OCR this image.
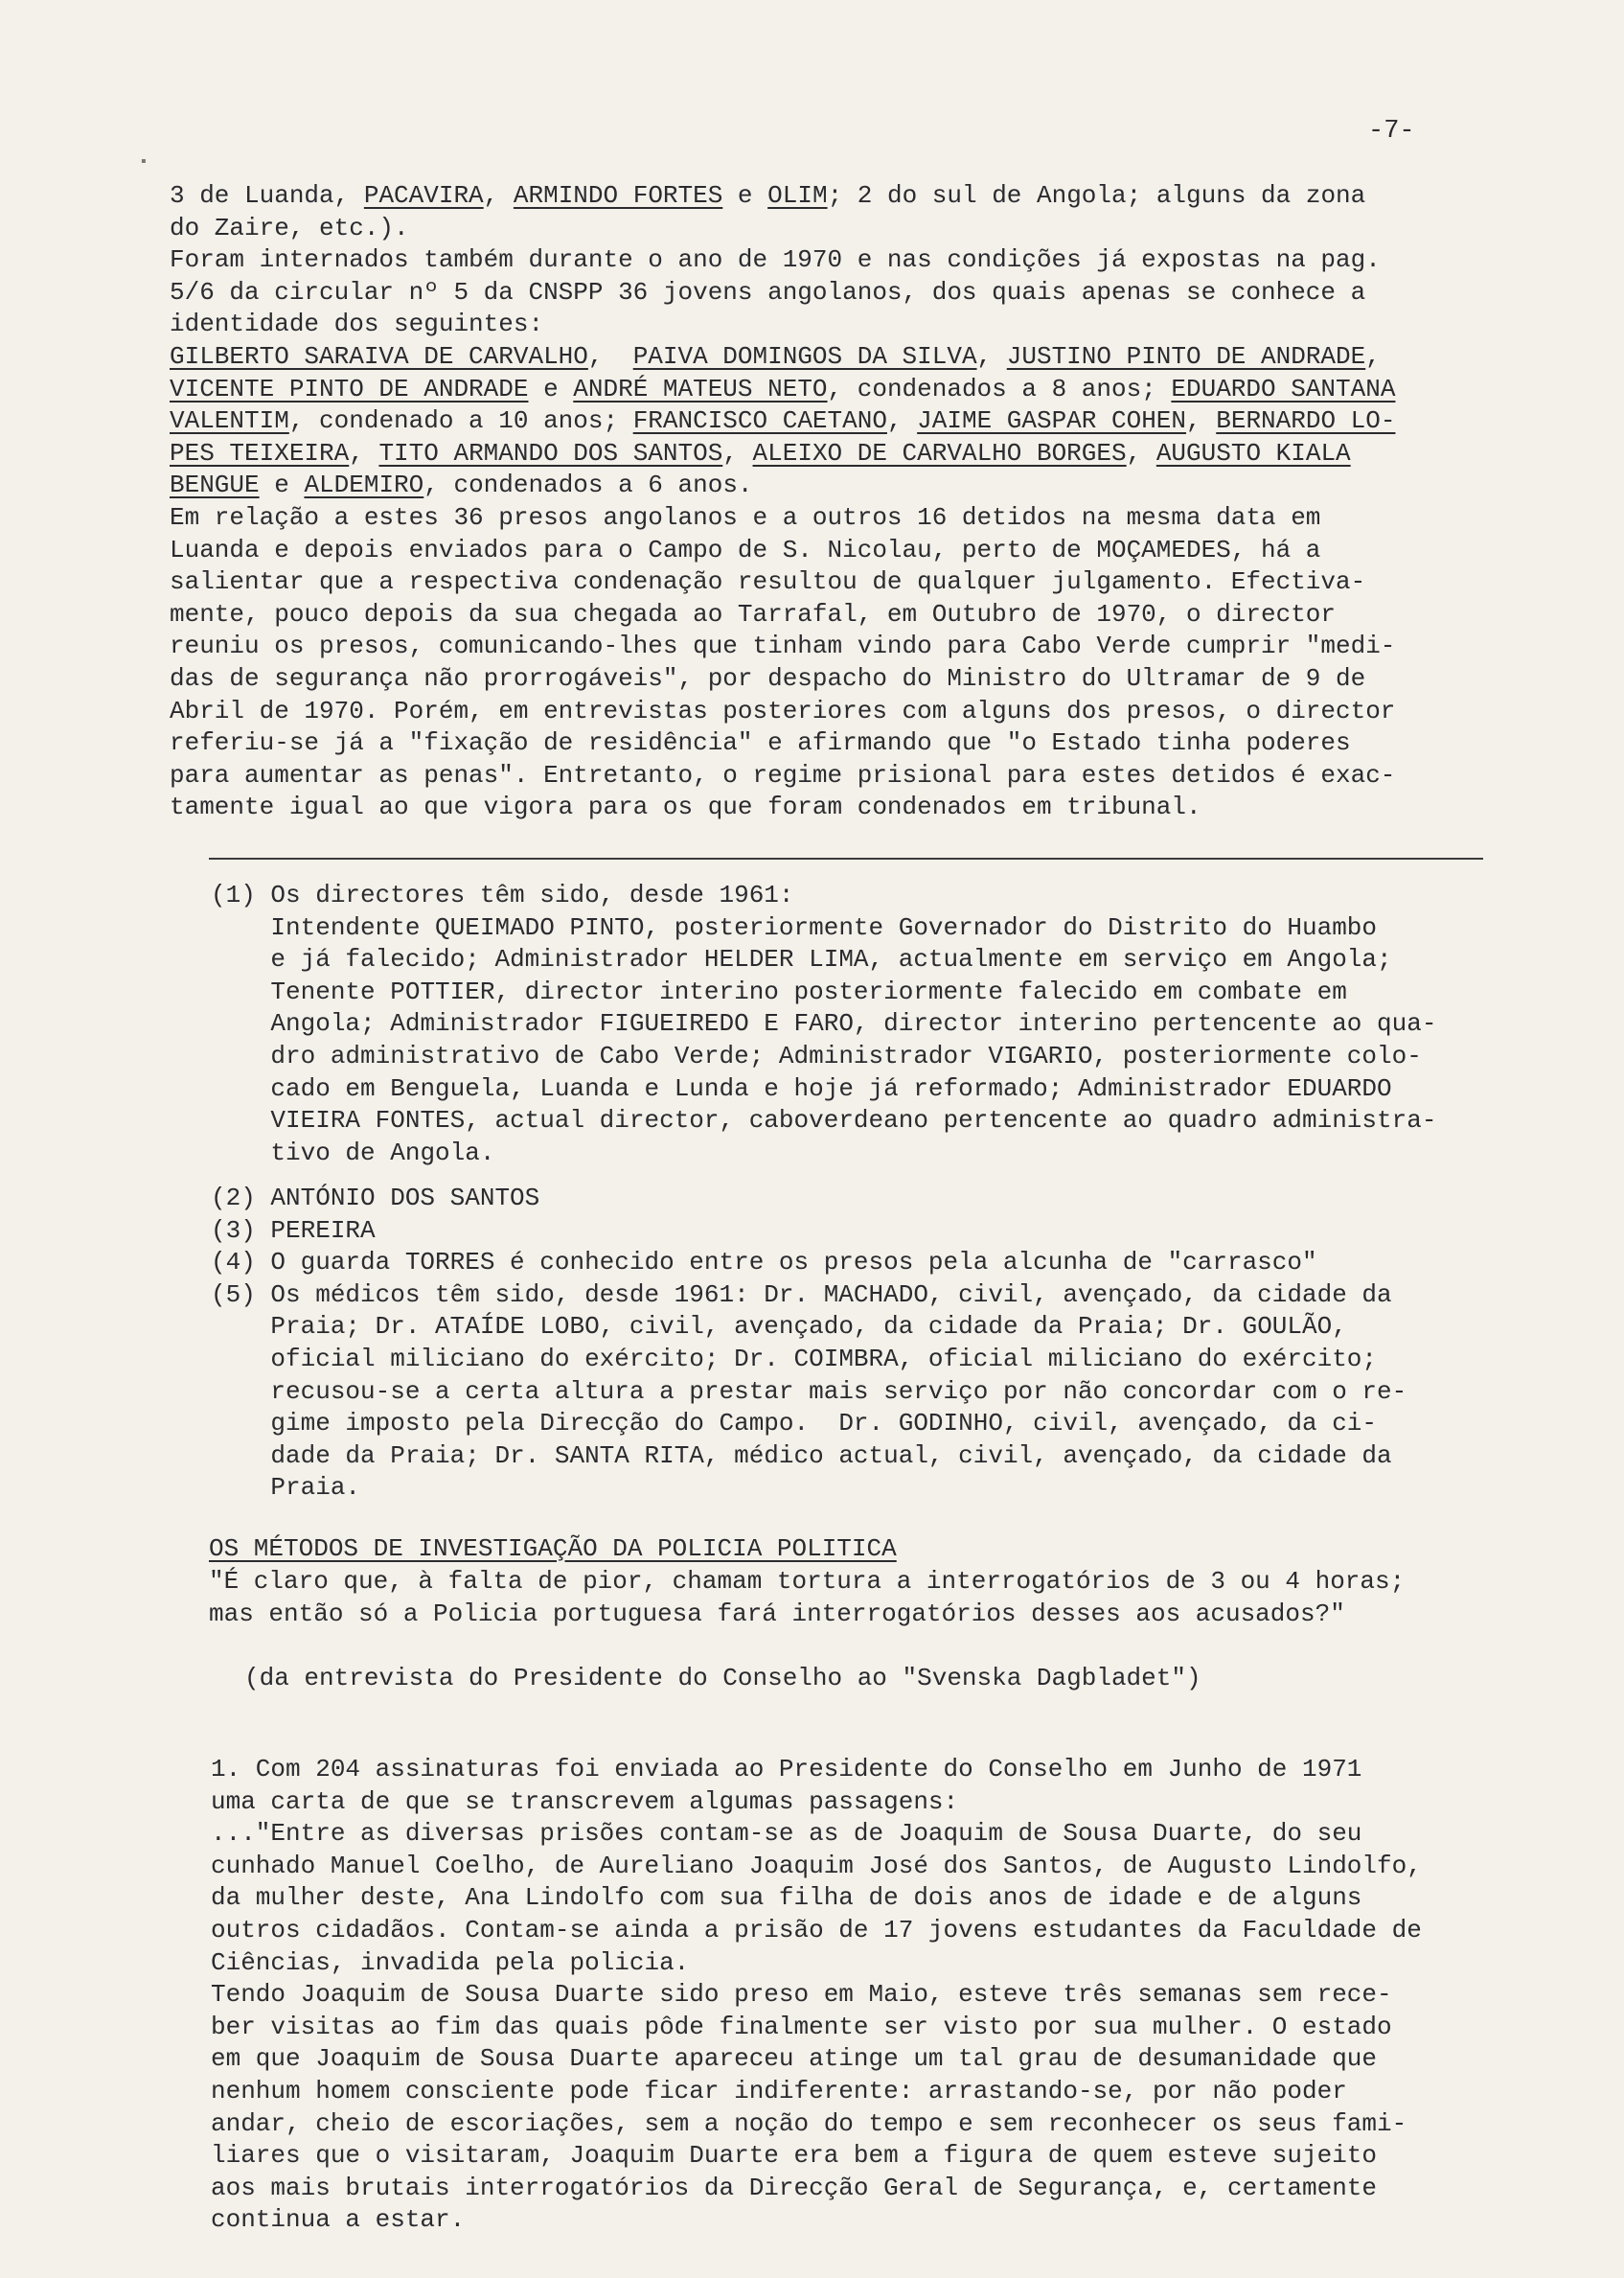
▪
-7-
3 de Luanda, PACAVIRA, ARMINDO FORTES e OLIM; 2 do sul de Angola; alguns da zona
do Zaire, etc.).
Foram internados também durante o ano de 1970 e nas condições já expostas na pag.
5/6 da circular nº 5 da CNSPP 36 jovens angolanos, dos quais apenas se conhece a
identidade dos seguintes:
GILBERTO SARAIVA DE CARVALHO,  PAIVA DOMINGOS DA SILVA, JUSTINO PINTO DE ANDRADE,
VICENTE PINTO DE ANDRADE e ANDRÉ MATEUS NETO, condenados a 8 anos; EDUARDO SANTANA
VALENTIM, condenado a 10 anos; FRANCISCO CAETANO, JAIME GASPAR COHEN, BERNARDO LO-
PES TEIXEIRA, TITO ARMANDO DOS SANTOS, ALEIXO DE CARVALHO BORGES, AUGUSTO KIALA
BENGUE e ALDEMIRO, condenados a 6 anos.
Em relação a estes 36 presos angolanos e a outros 16 detidos na mesma data em
Luanda e depois enviados para o Campo de S. Nicolau, perto de MOÇAMEDES, há a
salientar que a respectiva condenação resultou de qualquer julgamento. Efectiva-
mente, pouco depois da sua chegada ao Tarrafal, em Outubro de 1970, o director
reuniu os presos, comunicando-lhes que tinham vindo para Cabo Verde cumprir "medi-
das de segurança não prorrogáveis", por despacho do Ministro do Ultramar de 9 de
Abril de 1970. Porém, em entrevistas posteriores com alguns dos presos, o director
referiu-se já a "fixação de residência" e afirmando que "o Estado tinha poderes
para aumentar as penas". Entretanto, o regime prisional para estes detidos é exac-
tamente igual ao que vigora para os que foram condenados em tribunal.
(1) Os directores têm sido, desde 1961:
Intendente QUEIMADO PINTO, posteriormente Governador do Distrito do Huambo
e já falecido; Administrador HELDER LIMA, actualmente em serviço em Angola;
Tenente POTTIER, director interino posteriormente falecido em combate em
Angola; Administrador FIGUEIREDO E FARO, director interino pertencente ao qua-
dro administrativo de Cabo Verde; Administrador VIGARIO, posteriormente colo-
cado em Benguela, Luanda e Lunda e hoje já reformado; Administrador EDUARDO
VIEIRA FONTES, actual director, caboverdeano pertencente ao quadro administra-
tivo de Angola.
(2) ANTÓNIO DOS SANTOS
(3) PEREIRA
(4) O guarda TORRES é conhecido entre os presos pela alcunha de "carrasco"
(5) Os médicos têm sido, desde 1961: Dr. MACHADO, civil, avençado, da cidade da
Praia; Dr. ATAÍDE LOBO, civil, avençado, da cidade da Praia; Dr. GOULÃO,
oficial miliciano do exército; Dr. COIMBRA, oficial miliciano do exército;
recusou-se a certa altura a prestar mais serviço por não concordar com o re-
gime imposto pela Direcção do Campo.  Dr. GODINHO, civil, avençado, da ci-
dade da Praia; Dr. SANTA RITA, médico actual, civil, avençado, da cidade da
Praia.
OS MÉTODOS DE INVESTIGAÇÃO DA POLICIA POLITICA
"É claro que, à falta de pior, chamam tortura a interrogatórios de 3 ou 4 horas;
mas então só a Policia portuguesa fará interrogatórios desses aos acusados?"
(da entrevista do Presidente do Conselho ao "Svenska Dagbladet")
1. Com 204 assinaturas foi enviada ao Presidente do Conselho em Junho de 1971
uma carta de que se transcrevem algumas passagens:
..."Entre as diversas prisões contam-se as de Joaquim de Sousa Duarte, do seu
cunhado Manuel Coelho, de Aureliano Joaquim José dos Santos, de Augusto Lindolfo,
da mulher deste, Ana Lindolfo com sua filha de dois anos de idade e de alguns
outros cidadãos. Contam-se ainda a prisão de 17 jovens estudantes da Faculdade de
Ciências, invadida pela policia.
Tendo Joaquim de Sousa Duarte sido preso em Maio, esteve três semanas sem rece-
ber visitas ao fim das quais pôde finalmente ser visto por sua mulher. O estado
em que Joaquim de Sousa Duarte apareceu atinge um tal grau de desumanidade que
nenhum homem consciente pode ficar indiferente: arrastando-se, por não poder
andar, cheio de escoriações, sem a noção do tempo e sem reconhecer os seus fami-
liares que o visitaram, Joaquim Duarte era bem a figura de quem esteve sujeito
aos mais brutais interrogatórios da Direcção Geral de Segurança, e, certamente
continua a estar.
